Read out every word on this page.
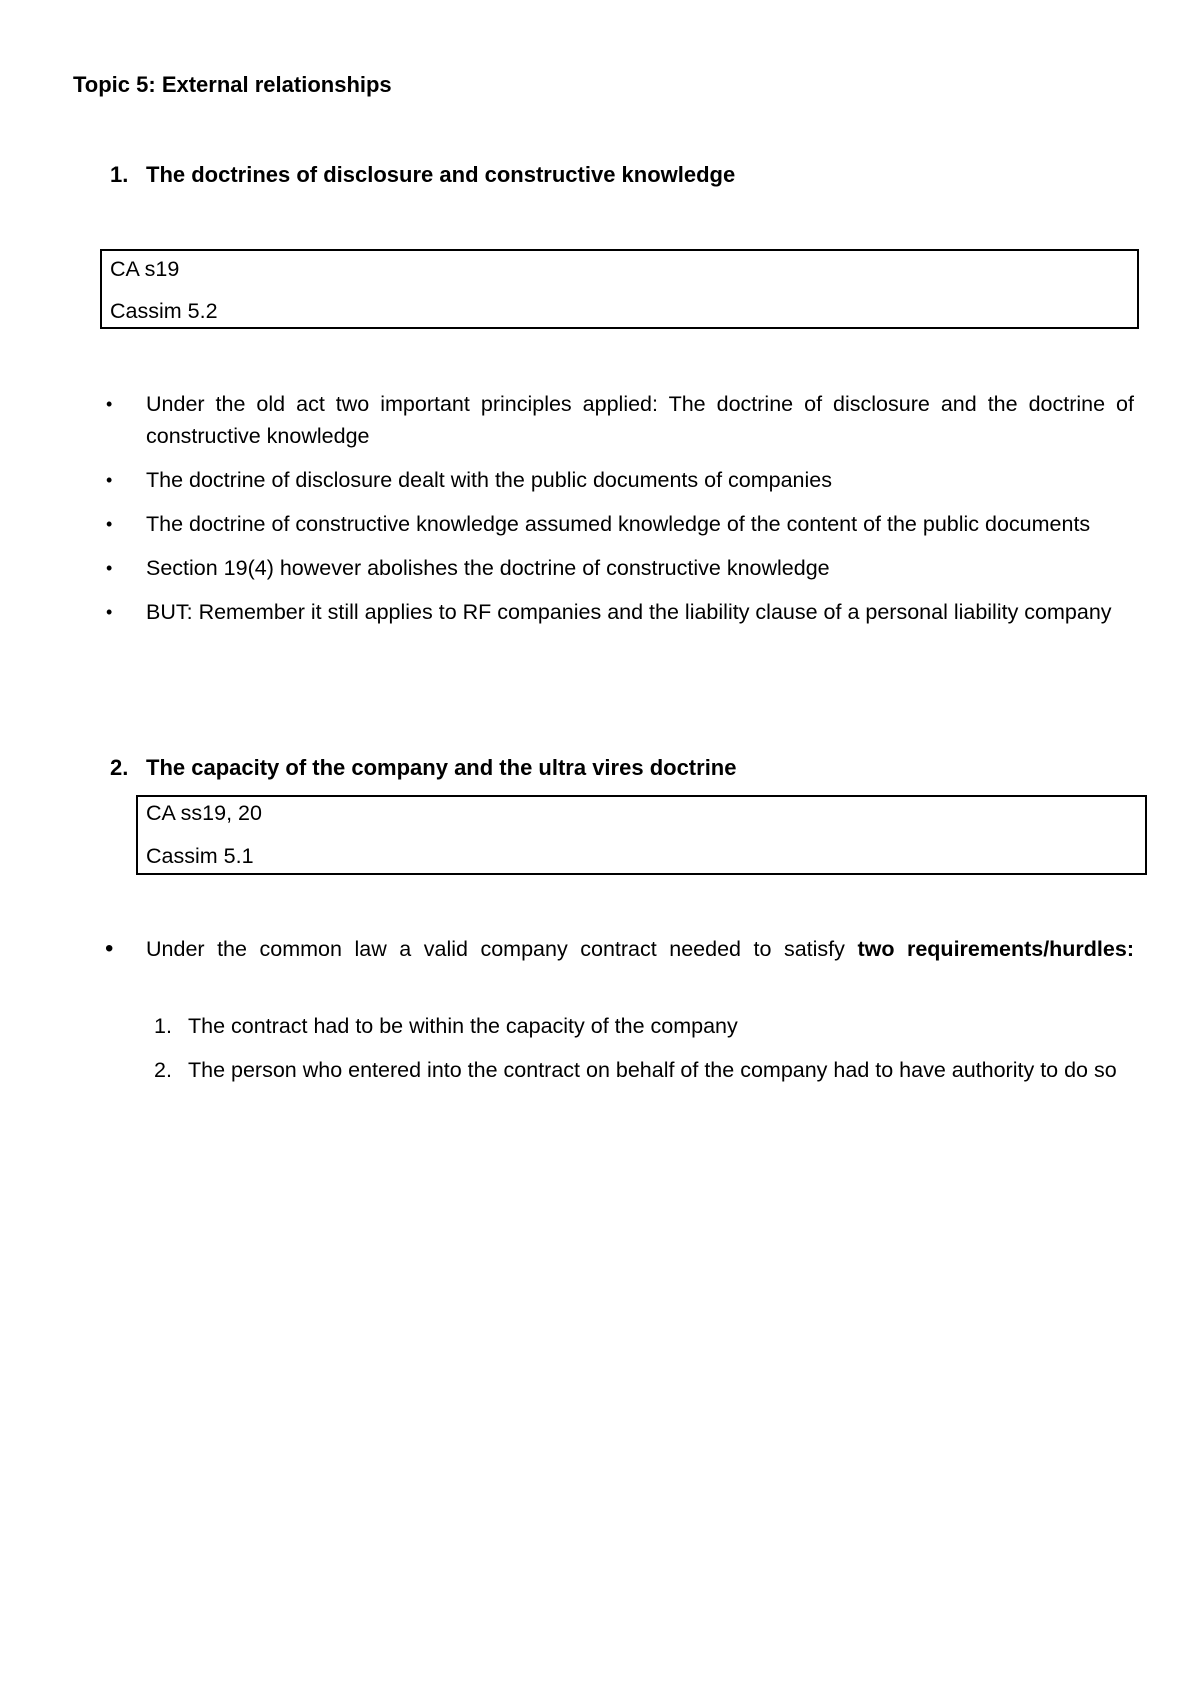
Topic 5: External relationships
1. The doctrines of disclosure and constructive knowledge
CA s19
Cassim 5.2
• Under the old act two important principles applied: The doctrine of disclosure and the doctrine of constructive knowledge
• The doctrine of disclosure dealt with the public documents of companies
• The doctrine of constructive knowledge assumed knowledge of the content of the public documents
• Section 19(4) however abolishes the doctrine of constructive knowledge
• BUT: Remember it still applies to RF companies and the liability clause of a personal liability company
2. The capacity of the company and the ultra vires doctrine
CA ss19, 20
Cassim 5.1
• Under the common law a valid company contract needed to satisfy two requirements/hurdles:
1. The contract had to be within the capacity of the company
2. The person who entered into the contract on behalf of the company had to have authority to do so
